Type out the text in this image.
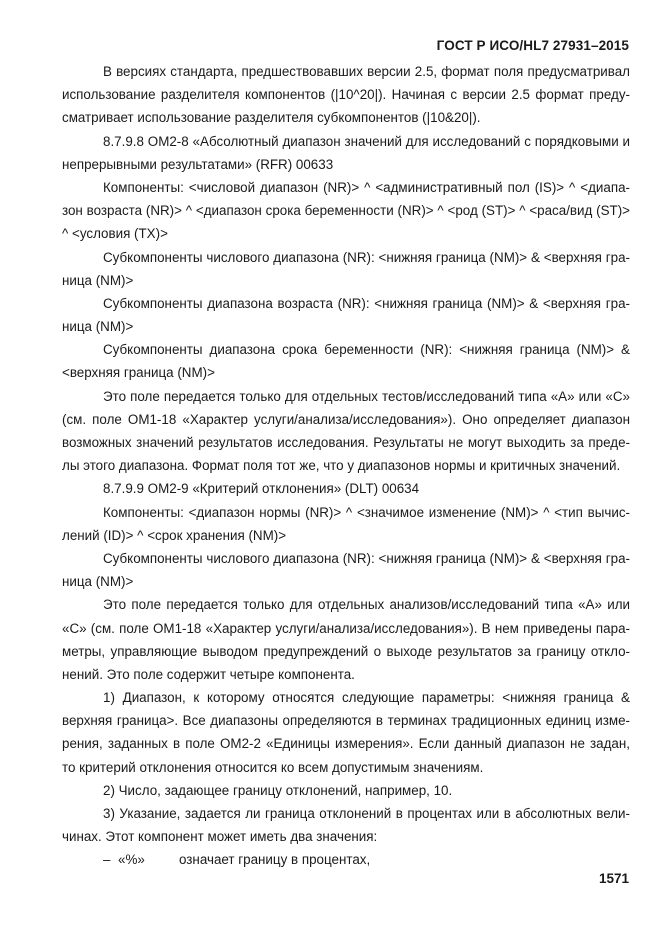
ГОСТ Р ИСО/HL7 27931–2015
В версиях стандарта, предшествовавших версии 2.5, формат поля предусматривал
использование разделителя компонентов (|10^20|). Начиная с версии 2.5 формат преду-
сматривает использование разделителя субкомпонентов (|10&20|).
8.7.9.8 OM2-8 «Абсолютный диапазон значений для исследований с порядковыми и
непрерывными результатами» (RFR) 00633
Компоненты: <числовой диапазон (NR)> ^ <административный пол (IS)> ^ <диапа-
зон возраста (NR)> ^ <диапазон срока беременности (NR)> ^ <род (ST)> ^ <раса/вид (ST)>
^ <условия (TX)>
Субкомпоненты числового диапазона (NR): <нижняя граница (NM)> & <верхняя гра-
ница (NM)>
Субкомпоненты диапазона возраста (NR): <нижняя граница (NM)> & <верхняя гра-
ница (NM)>
Субкомпоненты диапазона срока беременности (NR): <нижняя граница (NM)> &
<верхняя граница (NM)>
Это поле передается только для отдельных тестов/исследований типа «A» или «C»
(см. поле OM1-18 «Характер услуги/анализа/исследования»). Оно определяет диапазон
возможных значений результатов исследования. Результаты не могут выходить за преде-
лы этого диапазона. Формат поля тот же, что у диапазонов нормы и критичных значений.
8.7.9.9 OM2-9 «Критерий отклонения» (DLT) 00634
Компоненты: <диапазон нормы (NR)> ^ <значимое изменение (NM)> ^ <тип вычис-
лений (ID)> ^ <срок хранения (NM)>
Субкомпоненты числового диапазона (NR): <нижняя граница (NM)> & <верхняя гра-
ница (NM)>
Это поле передается только для отдельных анализов/исследований типа «A» или
«C» (см. поле OM1-18 «Характер услуги/анализа/исследования»). В нем приведены пара-
метры, управляющие выводом предупреждений о выходе результатов за границу откло-
нений. Это поле содержит четыре компонента.
1) Диапазон, к которому относятся следующие параметры: <нижняя граница &
верхняя граница>. Все диапазоны определяются в терминах традиционных единиц изме-
рения, заданных в поле OM2-2 «Единицы измерения». Если данный диапазон не задан,
то критерий отклонения относится ко всем допустимым значениям.
2) Число, задающее границу отклонений, например, 10.
3) Указание, задается ли граница отклонений в процентах или в абсолютных вели-
чинах. Этот компонент может иметь два значения:
– «%»	означает границу в процентах,
1571
